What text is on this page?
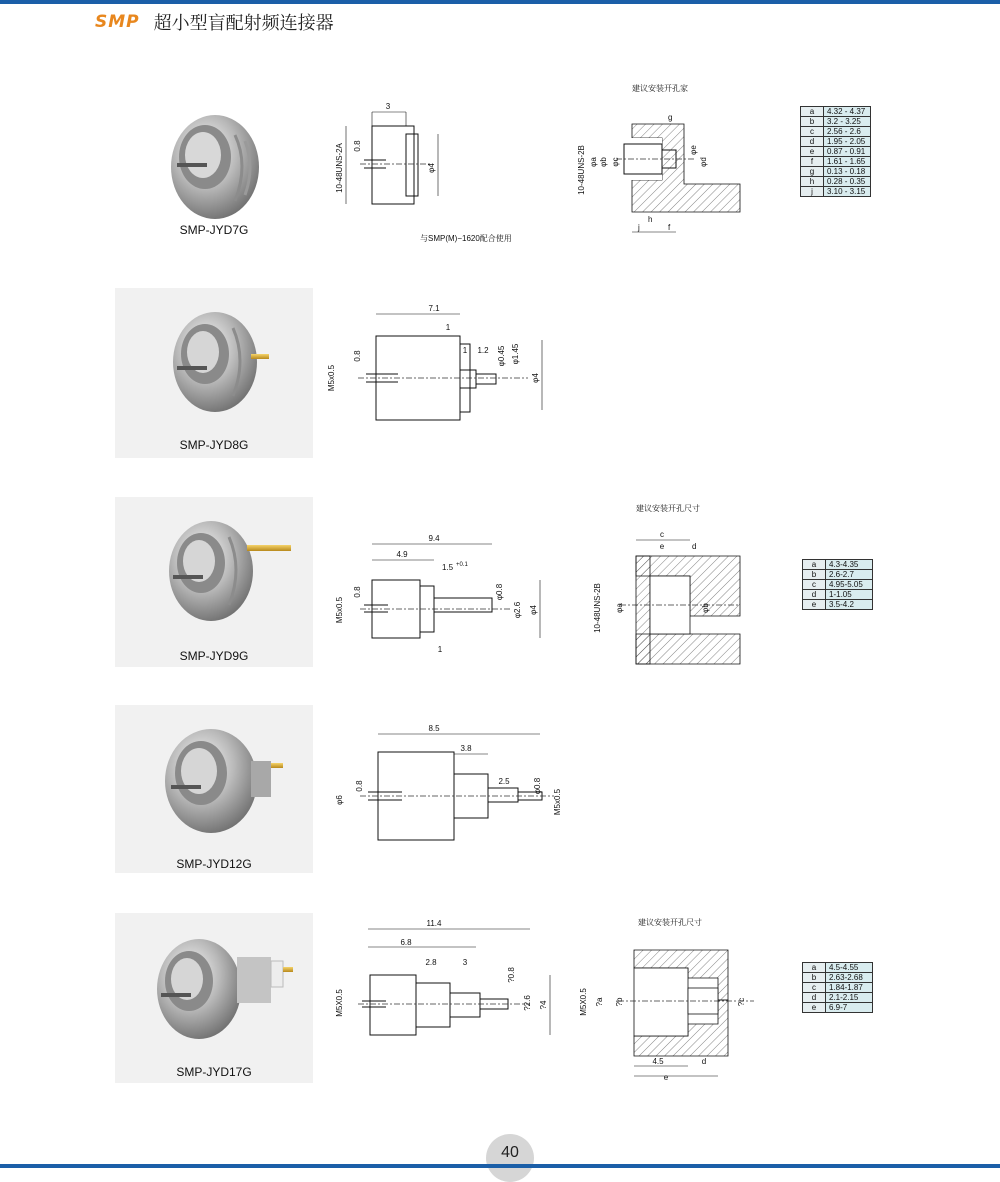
SMP 超小型盲配射频连接器
SMP-JYD7G
3
10-48UNS-2A 0.8
φ4
与SMP(M)−1620配合使用
建议安装开孔家
10-48UNS-2B φa φb φc	φd
φe
g
j
h
f
a	4.32 - 4.37
b	3.2 - 3.25
c	2.56 - 2.6
d	1.95 - 2.05
e	0.87 - 0.91
f	1.61 - 1.65
g	0.13 - 0.18
h	0.28 - 0.35
j	3.10 - 3.15
SMP-JYD8G
7.1
1
1 1.2
M5x0.5
0.8	φ0.45 φ1.45
φ4
SMP-JYD9G
9.4
4.9
1.5 +0.1
M5x0.5
0.8	φ0.8
φ2.6 φ4
1
建议安装开孔尺寸
c
e	d
10-48UNS-2B φa	φb
a	4.3-4.35
b	2.6-2.7
c	4.95-5.05
d	1-1.05
e	3.5-4.2
SMP-JYD12G
8.5
3.8
2.5
φ6
0.8	φ0.8
M5x0.5
SMP-JYD17G
11.4
6.8
2.8	3
M5X0.5
?0.8
?2.6 ?4
建议安装开孔尺寸
M5X0.5 ?a ?b	?c
4.5	d
e
a	4.5-4.55
b	2.63-2.68
c	1.84-1.87
d	2.1-2.15
e	6.9-7
40
